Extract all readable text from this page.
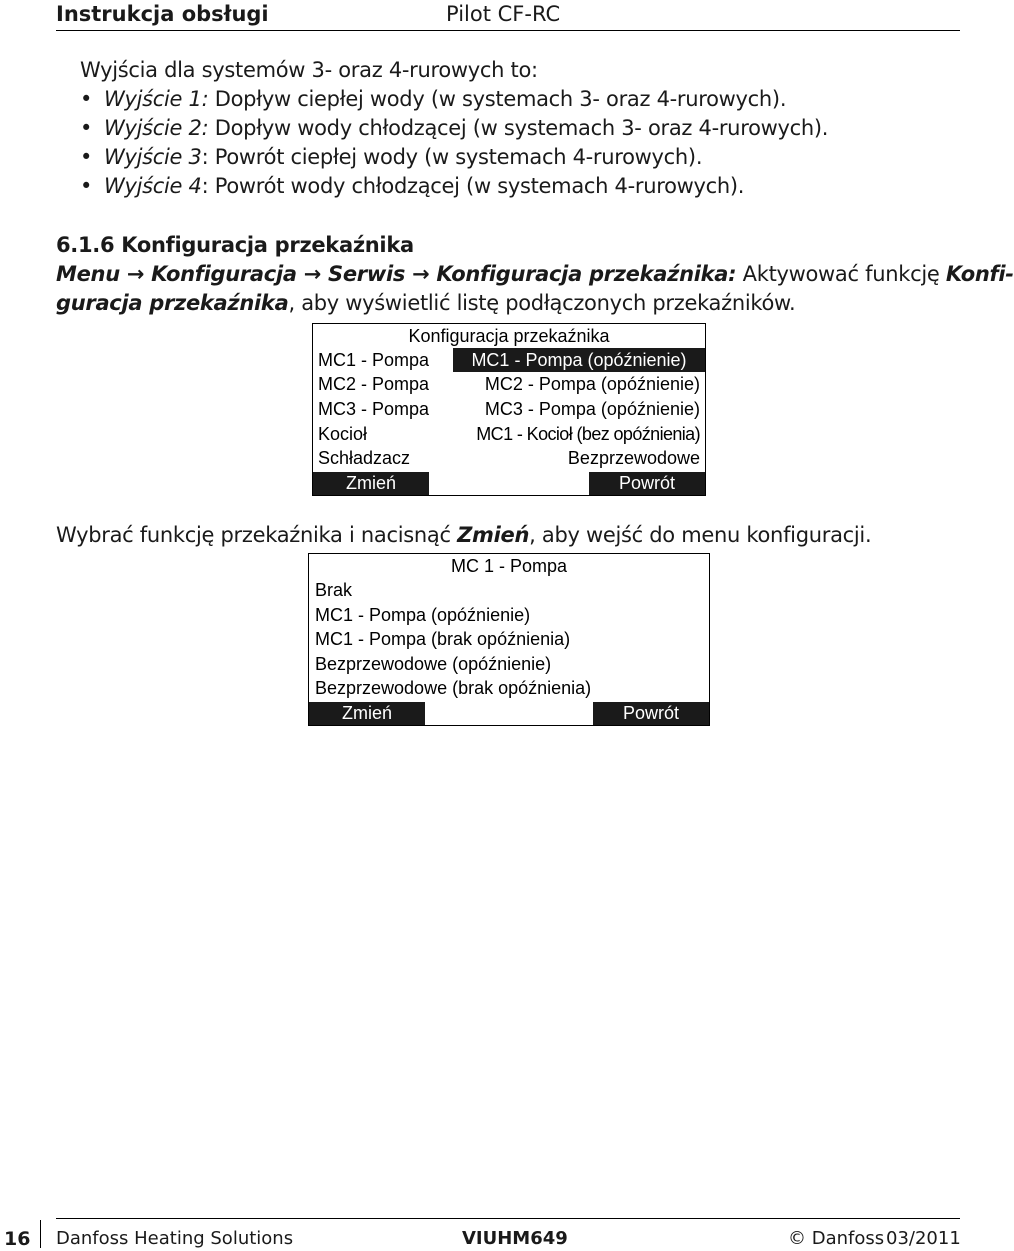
Instrukcja obsługi	Pilot CF-RC
Wyjścia dla systemów 3- oraz 4-rurowych to:
• Wyjście 1: Dopływ ciepłej wody (w systemach 3- oraz 4-rurowych).
• Wyjście 2: Dopływ wody chłodzącej (w systemach 3- oraz 4-rurowych).
• Wyjście 3: Powrót ciepłej wody (w systemach 4-rurowych).
• Wyjście 4: Powrót wody chłodzącej (w systemach 4-rurowych).
6.1.6 Konfiguracja przekaźnika
Menu → Konfiguracja → Serwis → Konfiguracja przekaźnika: Aktywować funkcję Konfi-
guracja przekaźnika, aby wyświetlić listę podłączonych przekaźników.
Konfiguracja przekaźnika
MC1 - Pompa	MC1 - Pompa (opóźnienie)
MC2 - Pompa	MC2 - Pompa (opóźnienie)
MC3 - Pompa	MC3 - Pompa (opóźnienie)
Kocioł	MC1 - Kocioł (bez opóźnienia)
Schładzacz	Bezprzewodowe
Zmień	Powrót
Wybrać funkcję przekaźnika i nacisnąć Zmień, aby wejść do menu konfiguracji.
MC 1 - Pompa
Brak
MC1 - Pompa (opóźnienie)
MC1 - Pompa (brak opóźnienia)
Bezprzewodowe (opóźnienie)
Bezprzewodowe (brak opóźnienia)
Zmień	Powrót
16 Danfoss Heating Solutions	VIUHM649	© Danfoss 03/2011
